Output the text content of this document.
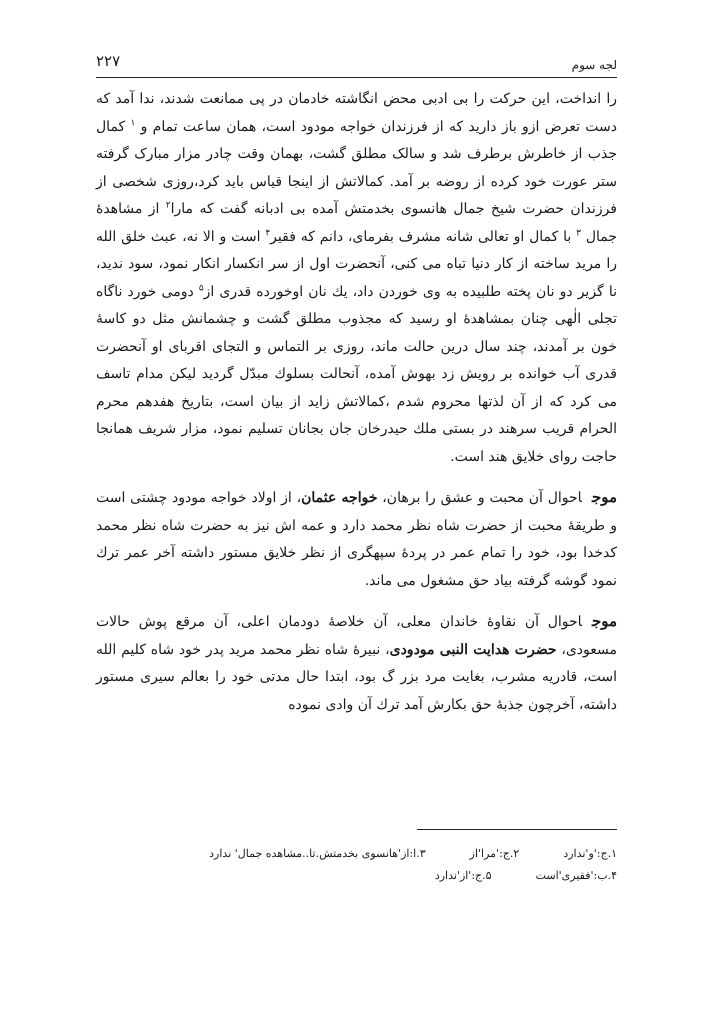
۲۲۷	لجه سوم

را انداخت، این حرکت را بی ادبی محض انگاشته خادمان در پی ممانعت شدند، ندا آمد که دست تعرض ازو باز دارید که از فرزندان خواجه مودود است، همان ساعت تمام و $^۱$ کمال جذب از خاطرش برطرف شد و سالک مطلق گشت، بهمان وقت چادر مزار مبارک گرفته ستر عورت خود کرده از روضه بر آمد. کمالاتش از اینجا قیاس باید کرد،روزی شخصی از فرزندان حضرت شیخ جمال هانسوی بخدمتش آمده بی ادبانه گفت که مارا$^۲$ از مشاهدهٔ جمال $^۳$ با کمال او تعالی شانه مشرف بفرمای، دانم که فقیر$^۴$ است و الا نه، عبث خلق الله را مرید ساخته از کار دنیا تباه می کنی، آنحضرت اول از سر انکسار انکار نمود، سود ندید، نا گزیر دو نان پخته طلبیده به وی خوردن داد، یك نان اوخورده قدری از$^۵$ دومی خورد ناگاه تجلی الٰهی چنان بمشاهدهٔ او رسید که مجذوب مطلق گشت و چشمانش مثل دو کاسهٔ خون بر آمدند، چند سال درین حالت ماند، روزی بر التماس و التجای اقربای او آنحضرت قدری آب خوانده بر رویش زد بهوش آمده، آنحالت بسلوك مبدّل گردید لیکن مدام تاسف می کرد که از آن لذتها محروم شدم ،کمالاتش زاید از بیان است، بتاریخ هفدهم محرم الحرام قریب سرهند در بستی ملك حیدرخان جان بجانان تسلیم نمود، مزار شریف همانجا حاجت روای خلایق هند است.

موجاحوال آن محبت و عشق را برهان، خواجه عثمان، از اولاد خواجه مودود چشتی است و طریقهٔ محبت از حضرت شاه نظر محمد دارد و عمه اش نیز به حضرت شاه نظر محمد کدخدا بود، خود را تمام عمر در پردهٔ سپهگری از نظر خلایق مستور داشته آخر عمر ترك نمود گوشه گرفته بیاد حق مشغول می ماند.

موجاحوال آن نقاوهٔ خاندان معلی، آن خلاصهٔ دودمان اعلی، آن مرقع پوش حالات مسعودی، حضرت هدایت النبی مودودی، نبیرهٔ شاه نظر محمد مرید پدر خود شاه کلیم الله است، قادریه مشرب، بغایت مرد بزر گ بود، ابتدا حال مدتی خود را بعالم سیری مستور داشته، آخرچون جذبهٔ حق بکارش آمد ترك آن وادی نموده

۱.ج:'و'ندارد
۲.ج:'مرا'از
۳.ا:از'هانسوی بخدمتش.تا..مشاهده جمال' ندارد
۴.ب:'فقیری'است
۵.ج:'از'ندارد
